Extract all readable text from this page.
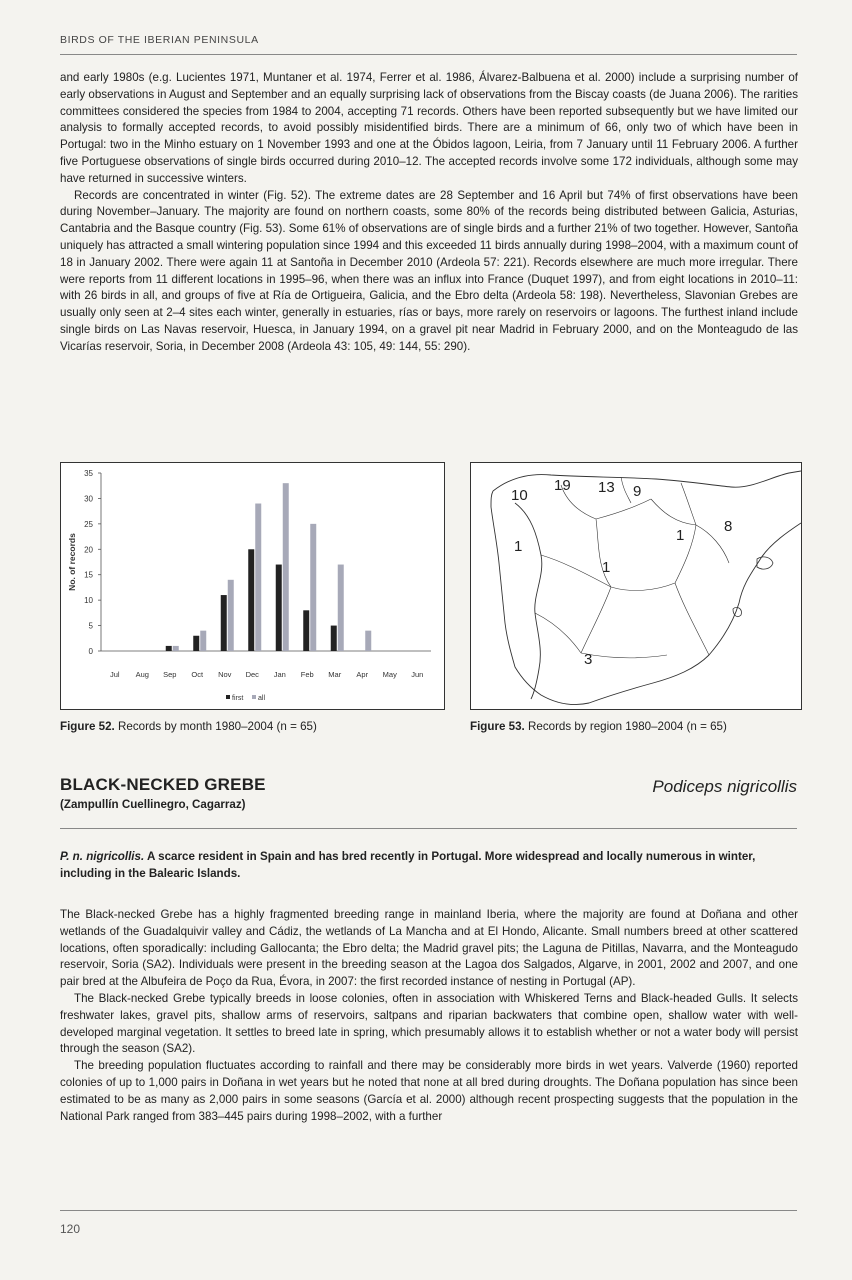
BIRDS OF THE IBERIAN PENINSULA

and early 1980s (e.g. Lucientes 1971, Muntaner et al. 1974, Ferrer et al. 1986, Álvarez-Balbuena et al. 2000) include a surprising number of early observations in August and September and an equally surprising lack of observations from the Biscay coasts (de Juana 2006). The rarities committees considered the species from 1984 to 2004, accepting 71 records. Others have been reported subsequently but we have limited our analysis to formally accepted records, to avoid possibly misidentified birds. There are a minimum of 66, only two of which have been in Portugal: two in the Minho estuary on 1 November 1993 and one at the Óbidos lagoon, Leiria, from 7 January until 11 February 2006. A further five Portuguese observations of single birds occurred during 2010–12. The accepted records involve some 172 individuals, although some may have returned in successive winters.

Records are concentrated in winter (Fig. 52). The extreme dates are 28 September and 16 April but 74% of first observations have been during November–January. The majority are found on northern coasts, some 80% of the records being distributed between Galicia, Asturias, Cantabria and the Basque country (Fig. 53). Some 61% of observations are of single birds and a further 21% of two together. However, Santoña uniquely has attracted a small wintering population since 1994 and this exceeded 11 birds annually during 1998–2004, with a maximum count of 18 in January 2002. There were again 11 at Santoña in December 2010 (Ardeola 57: 221). Records elsewhere are much more irregular. There were reports from 11 different locations in 1995–96, when there was an influx into France (Duquet 1997), and from eight locations in 2010–11: with 26 birds in all, and groups of five at Ría de Ortigueira, Galicia, and the Ebro delta (Ardeola 58: 198). Nevertheless, Slavonian Grebes are usually only seen at 2–4 sites each winter, generally in estuaries, rías or bays, more rarely on reservoirs or lagoons. The furthest inland include single birds on Las Navas reservoir, Huesca, in January 1994, on a gravel pit near Madrid in February 2000, and on the Monteagudo de las Vicarías reservoir, Soria, in December 2008 (Ardeola 43: 105, 49: 144, 55: 290).

0
5
10
15
20
25
30
35
No. of records
Jul Aug Sep Oct Nov Dec Jan Feb Mar Apr May Jun
first all
10
19 13 9
8
1
1
1
3
Figure 52. Records by month 1980–2004 (n = 65)	Figure 53. Records by region 1980–2004 (n = 65)
BLACK-NECKED GREBE
(Zampullín Cuellinegro, Cagarraz)
Podiceps nigricollis
P. n. nigricollis. A scarce resident in Spain and has bred recently in Portugal. More widespread and locally numerous in winter, including in the Balearic Islands.

The Black-necked Grebe has a highly fragmented breeding range in mainland Iberia, where the majority are found at Doñana and other wetlands of the Guadalquivir valley and Cádiz, the wetlands of La Mancha and at El Hondo, Alicante. Small numbers breed at other scattered locations, often sporadically: including Gallocanta; the Ebro delta; the Madrid gravel pits; the Laguna de Pitillas, Navarra, and the Monteagudo reservoir, Soria (SA2). Individuals were present in the breeding season at the Lagoa dos Salgados, Algarve, in 2001, 2002 and 2007, and one pair bred at the Albufeira de Poço da Rua, Évora, in 2007: the first recorded instance of nesting in Portugal (AP).

The Black-necked Grebe typically breeds in loose colonies, often in association with Whiskered Terns and Black-headed Gulls. It selects freshwater lakes, gravel pits, shallow arms of reservoirs, saltpans and riparian backwaters that combine open, shallow water with well-developed marginal vegetation. It settles to breed late in spring, which presumably allows it to establish whether or not a water body will persist through the season (SA2).

The breeding population fluctuates according to rainfall and there may be considerably more birds in wet years. Valverde (1960) reported colonies of up to 1,000 pairs in Doñana in wet years but he noted that none at all bred during droughts. The Doñana population has since been estimated to be as many as 2,000 pairs in some seasons (García et al. 2000) although recent prospecting suggests that the population in the National Park ranged from 383–445 pairs during 1998–2002, with a further

120
